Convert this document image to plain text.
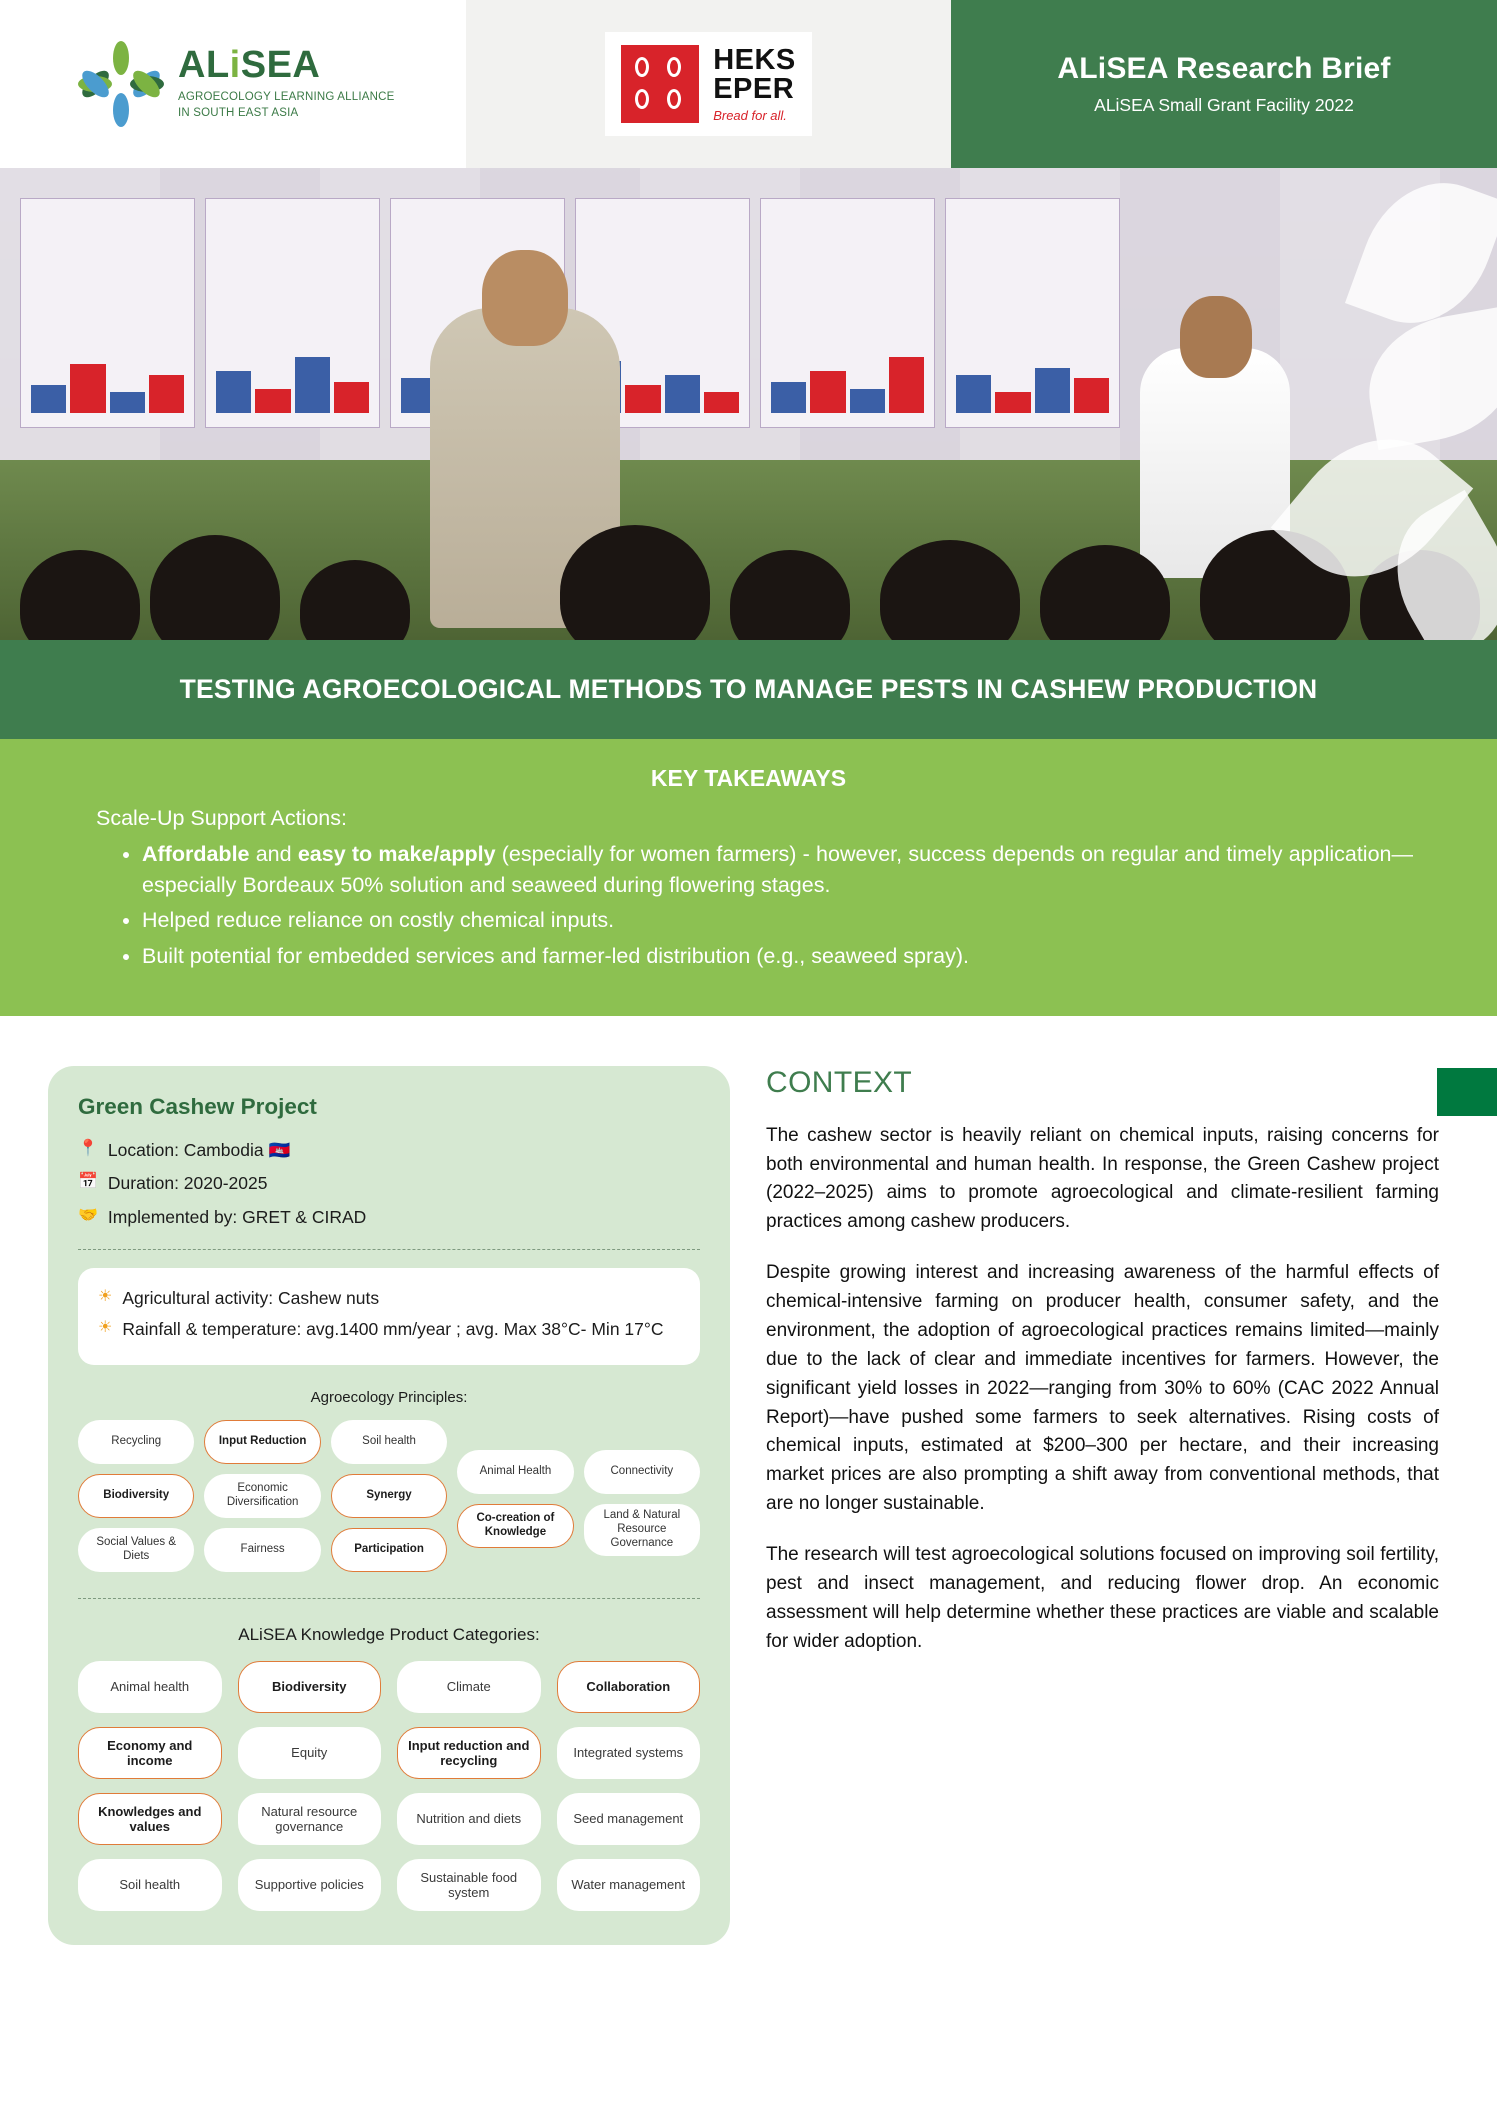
ALiSEA
AGROECOLOGY LEARNING ALLIANCE
IN SOUTH EAST ASIA
HEKS
EPER
Bread for all.
ALiSEA Research Brief
ALiSEA Small Grant Facility 2022
TESTING AGROECOLOGICAL METHODS TO MANAGE PESTS IN CASHEW PRODUCTION
KEY TAKEAWAYS
Scale-Up Support Actions:
• Affordable and easy to make/apply (especially for women farmers) - however, success depends on regular and timely application—especially Bordeaux 50% solution and seaweed during flowering stages.
• Helped reduce reliance on costly chemical inputs.
• Built potential for embedded services and farmer-led distribution (e.g., seaweed spray).
Green Cashew Project
📍 Location: Cambodia 🇰🇭
📅 Duration: 2020-2025
🤝 Implemented by: GRET & CIRAD
☀ Agricultural activity: Cashew nuts
☀ Rainfall & temperature: avg.1400 mm/year ; avg. Max 38°C- Min 17°C
Agroecology Principles:
Recycling
Biodiversity
Social Values & Diets
Input Reduction
Economic Diversification
Fairness
Soil health
Synergy
Participation
Animal Health
Co-creation of Knowledge
Connectivity
Land & Natural Resource Governance
ALiSEA Knowledge Product Categories:
Animal health	Biodiversity	Climate	Collaboration
Economy and income
Equity
Input reduction and recycling
Integrated systems
Knowledges and values
Natural resource governance
Nutrition and diets	Seed management
Soil health	Supportive policies
Sustainable food system
Water management
CONTEXT

The cashew sector is heavily reliant on chemical inputs, raising concerns for both environmental and human health. In response, the Green Cashew project (2022–2025) aims to promote agroecological and climate-resilient farming practices among cashew producers.

Despite growing interest and increasing awareness of the harmful effects of chemical-intensive farming on producer health, consumer safety, and the environment, the adoption of agroecological practices remains limited—mainly due to the lack of clear and immediate incentives for farmers. However, the significant yield losses in 2022—ranging from 30% to 60% (CAC 2022 Annual Report)—have pushed some farmers to seek alternatives. Rising costs of chemical inputs, estimated at $200–300 per hectare, and their increasing market prices are also prompting a shift away from conventional methods, that are no longer sustainable.

The research will test agroecological solutions focused on improving soil fertility, pest and insect management, and reducing flower drop. An economic assessment will help determine whether these practices are viable and scalable for wider adoption.
